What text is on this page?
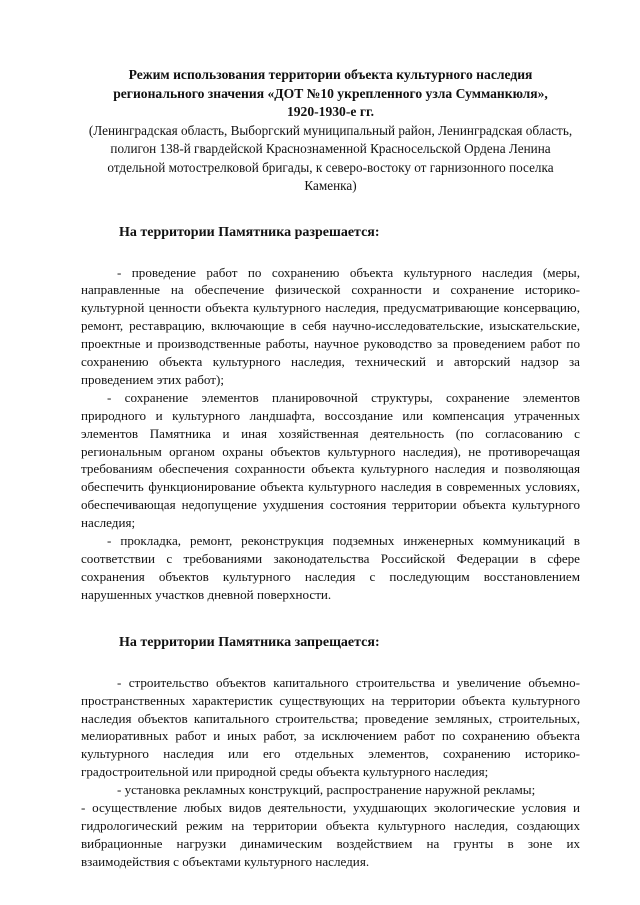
Режим использования территории объекта культурного наследия
регионального значения «ДОТ №10 укрепленного узла Сумманкюля»,
1920-1930-е гг.
(Ленинградская область, Выборгский муниципальный район, Ленинградская область, полигон 138-й гвардейской Краснознаменной Красносельской Ордена Ленина отдельной мотострелковой бригады, к северо-востоку от гарнизонного поселка Каменка)
На территории Памятника разрешается:

- проведение работ по сохранению объекта культурного наследия (меры, направленные на обеспечение физической сохранности и сохранение историко-культурной ценности объекта культурного наследия, предусматривающие консервацию, ремонт, реставрацию, включающие в себя научно-исследовательские, изыскательские, проектные и производственные работы, научное руководство за проведением работ по сохранению объекта культурного наследия, технический и авторский надзор за проведением этих работ);

- сохранение элементов планировочной структуры, сохранение элементов природного и культурного ландшафта, воссоздание или компенсация утраченных элементов Памятника и иная хозяйственная деятельность (по согласованию с региональным органом охраны объектов культурного наследия), не противоречащая требованиям обеспечения сохранности объекта культурного наследия и позволяющая обеспечить функционирование объекта культурного наследия в современных условиях, обеспечивающая недопущение ухудшения состояния территории объекта культурного наследия;

- прокладка, ремонт, реконструкция подземных инженерных коммуникаций в соответствии с требованиями законодательства Российской Федерации в сфере сохранения объектов культурного наследия с последующим восстановлением нарушенных участков дневной поверхности.

На территории Памятника запрещается:

- строительство объектов капитального строительства и увеличение объемно-пространственных характеристик существующих на территории объекта культурного наследия объектов капитального строительства; проведение земляных, строительных, мелиоративных работ и иных работ, за исключением работ по сохранению объекта культурного наследия или его отдельных элементов, сохранению историко-градостроительной или природной среды объекта культурного наследия;

- установка рекламных конструкций, распространение наружной рекламы;

- осуществление любых видов деятельности, ухудшающих экологические условия и гидрологический режим на территории объекта культурного наследия, создающих вибрационные нагрузки динамическим воздействием на грунты в зоне их взаимодействия с объектами культурного наследия.
